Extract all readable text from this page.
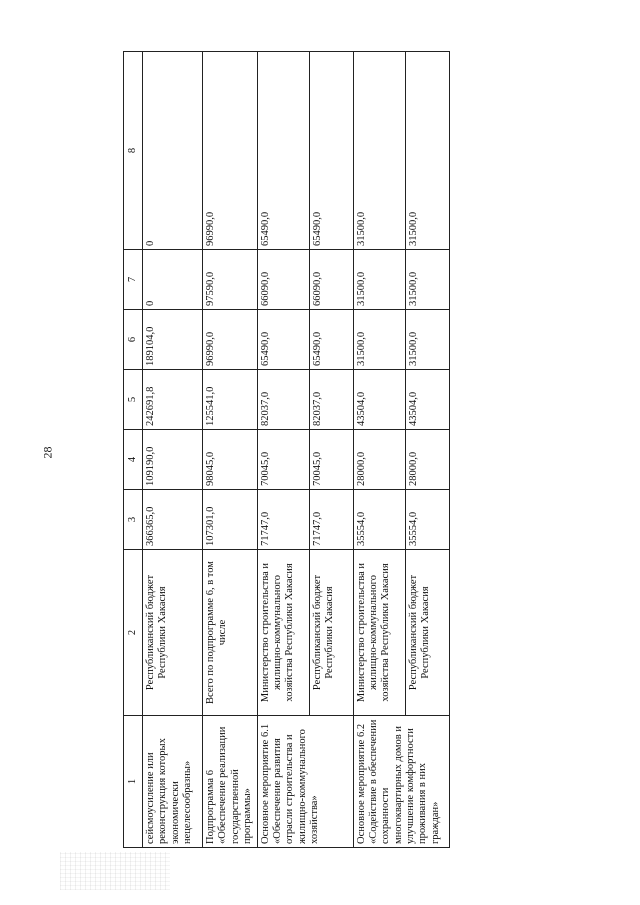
28
1	2	3	4	5	6	7	8
сейсмоусиление или реконструкция которых экономически нецелесообразны»	Республиканский бюджет Республики Хакасия	366365,0	109190,0	242691,8	189104,0	0	0
Подпрограмма 6 «Обеспечение реализации государственной программы»	Всего по подпрограмме 6, в том числе	107301,0	98045,0	125541,0	96990,0	97590,0	96990,0
Основное мероприятие 6.1 «Обеспечение развития отрасли строительства и жилищно-коммунального хозяйства»	Министерство строительства и жилищно-коммунального хозяйства Республики Хакасия	71747,0	70045,0	82037,0	65490,0	66090,0	65490,0
	Республиканский бюджет Республики Хакасия	71747,0	70045,0	82037,0	65490,0	66090,0	65490,0
Основное мероприятие 6.2 «Содействие в обеспечении сохранности многоквартирных домов и улучшение комфортности проживания в них граждан»	Министерство строительства и жилищно-коммунального хозяйства Республики Хакасия	35554,0	28000,0	43504,0	31500,0	31500,0	31500,0
	Республиканский бюджет Республики Хакасия	35554,0	28000,0	43504,0	31500,0	31500,0	31500,0
